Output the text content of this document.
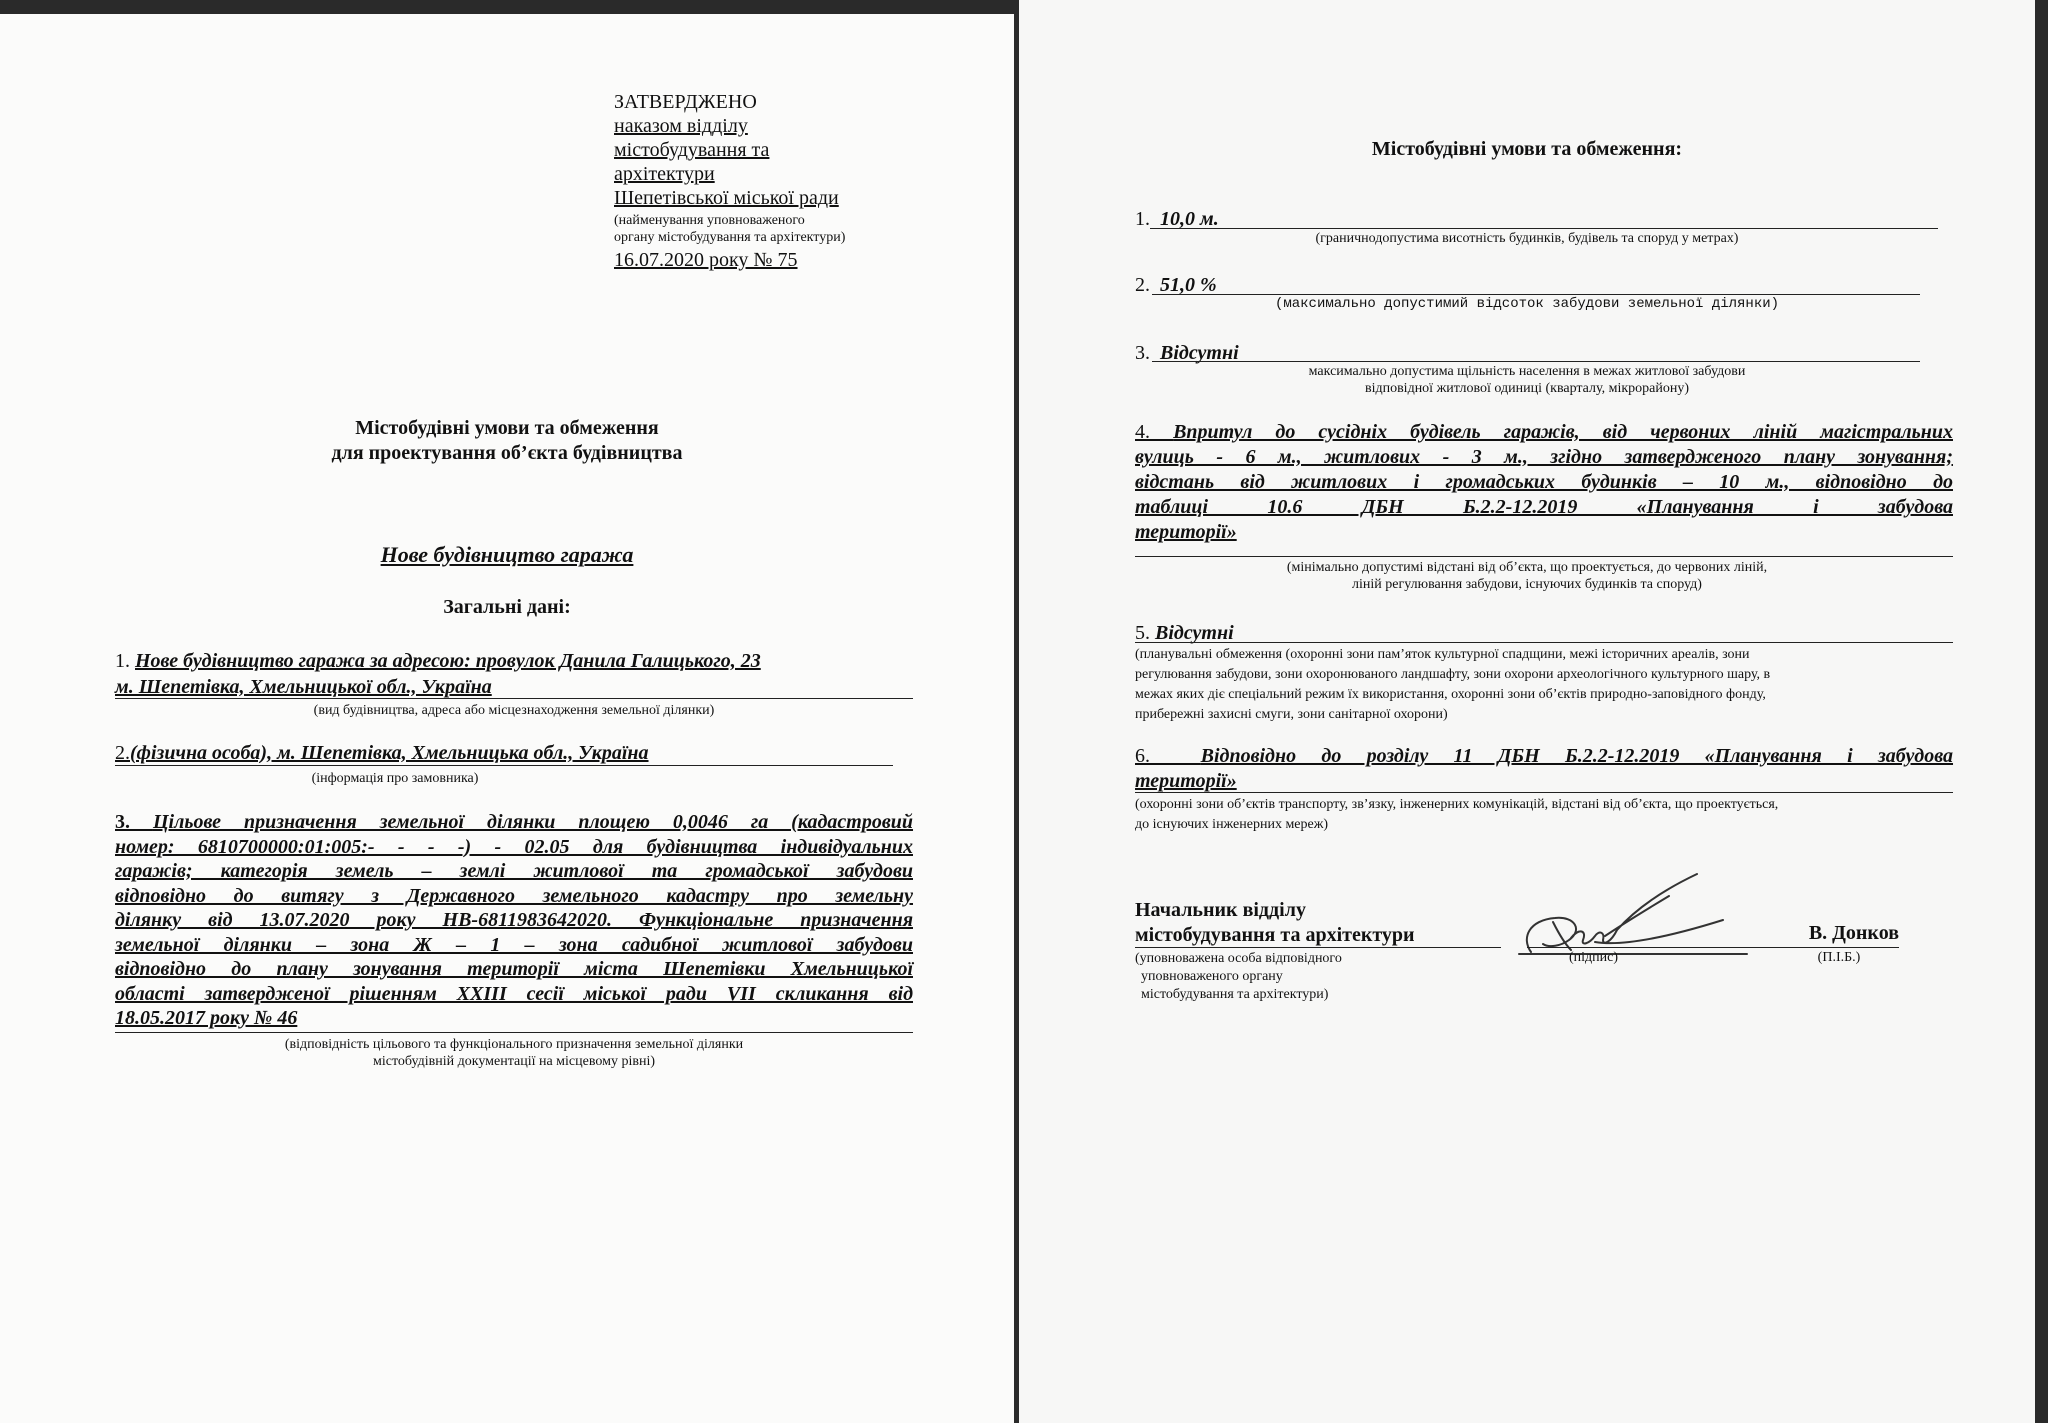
ЗАТВЕРДЖЕНО
наказом відділу
містобудування та
архітектури
Шепетівської міської ради
(найменування уповноваженого
органу містобудування та архітектури)
16.07.2020 року № 75
Містобудівні умови та обмеження
для проектування об’єкта будівництва
Нове будівництво гаража
Загальні дані:
1. Нове будівництво гаража за адресою: провулок Данила Галицького, 23
м. Шепетівка, Хмельницької обл., Україна
(вид будівництва, адреса або місцезнаходження земельної ділянки)
2.(фізична особа), м. Шепетівка, Хмельницька обл., Україна
(інформація про замовника)
3. Цільове призначення земельної ділянки площею 0,0046 га (кадастровий
номер: 6810700000:01:005:- - - -) - 02.05 для будівництва індивідуальних
гаражів; категорія земель – землі житлової та громадської забудови
відповідно до витягу з Державного земельного кадастру про земельну
ділянку від 13.07.2020 року НВ-6811983642020. Функціональне призначення
земельної ділянки – зона Ж – 1 – зона садибної житлової забудови
відповідно до плану зонування території міста Шепетівки Хмельницької
області затвердженої рішенням XXIII сесії міської ради VII скликання від
18.05.2017 року № 46
(відповідність цільового та функціонального призначення земельної ділянки
містобудівній документації на місцевому рівні)
Містобудівні умови та обмеження:
1. 10,0 м.
(граничнодопустима висотність будинків, будівель та споруд у метрах)
2. 51,0 %
(максимально допустимий відсоток забудови земельної ділянки)
3. Відсутні
максимально допустима щільність населення в межах житлової забудови
відповідної житлової одиниці (кварталу, мікрорайону)
4. Впритул до сусідніх будівель гаражів, від червоних ліній магістральних
вулиць - 6 м., житлових - 3 м., згідно затвердженого плану зонування;
відстань від житлових і громадських будинків – 10 м., відповідно до
таблиці 10.6 ДБН Б.2.2-12.2019 «Планування і забудова
території»
(мінімально допустимі відстані від об’єкта, що проектується, до червоних ліній,
ліній регулювання забудови, існуючих будинків та споруд)
5. Відсутні
(планувальні обмеження (охоронні зони пам’яток культурної спадщини, межі історичних ареалів, зони
регулювання забудови, зони охоронюваного ландшафту, зони охорони археологічного культурного шару, в
межах яких діє спеціальний режим їх використання, охоронні зони об’єктів природно-заповідного фонду,
прибережні захисні смуги, зони санітарної охорони)
6.	Відповідно до розділу 11 ДБН Б.2.2-12.2019 «Планування і забудова
території»
(охоронні зони об’єктів транспорту, зв’язку, інженерних комунікацій, відстані від об’єкта, що проектується,
до існуючих інженерних мереж)
Начальник відділу
містобудування та архітектури
(уповноважена особа відповідного
уповноваженого органу
містобудування та архітектури)
(підпис)
В. Донков
(П.І.Б.)
